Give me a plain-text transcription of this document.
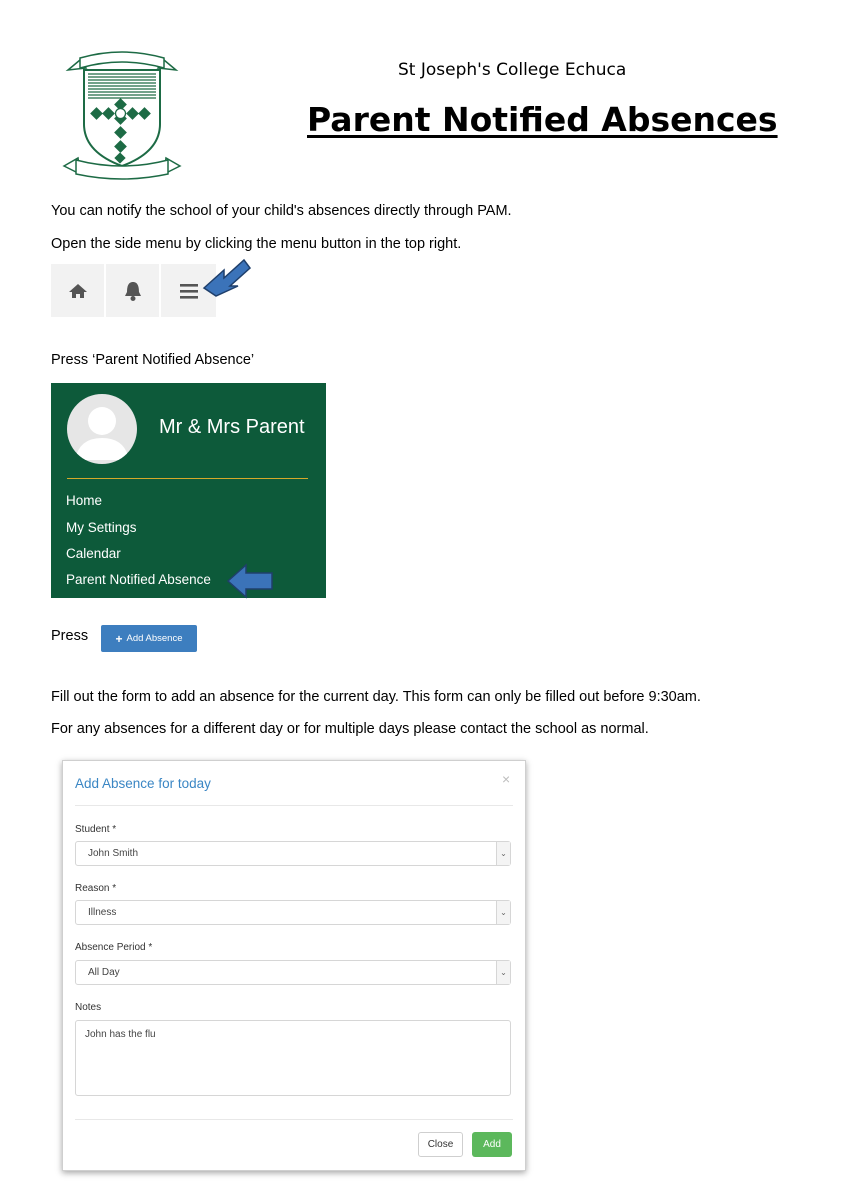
St Joseph's College Echuca
Parent Notified Absences
You can notify the school of your child's absences directly through PAM.
Open the side menu by clicking the menu button in the top right.
Press ‘Parent Notified Absence’
Mr & Mrs Parent
Home
My Settings
Calendar
Parent Notified Absence
Press + Add Absence
Fill out the form to add an absence for the current day. This form can only be filled out before 9:30am.
For any absences for a different day or for multiple days please contact the school as normal.
Add Absence for today	×
Student *
John Smith	⌄
Reason *
Illness	⌄
Absence Period *
All Day	⌄
Notes
John has the flu
Close	Add
